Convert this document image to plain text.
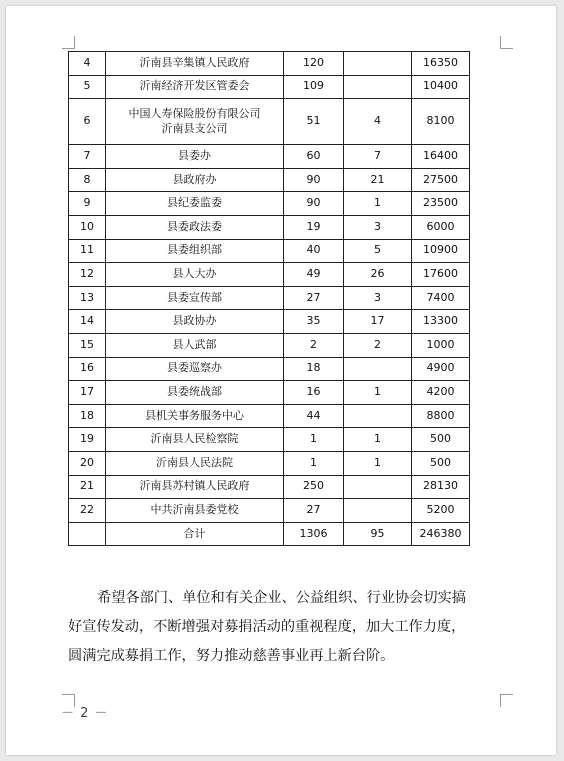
4	沂南县辛集镇人民政府	120		16350
5	沂南经济开发区管委会	109		10400
6	中国人寿保险股份有限公司
沂南县支公司	51	4	8100
7	县委办	60	7	16400
8	县政府办	90	21	27500
9	县纪委监委	90	1	23500
10	县委政法委	19	3	6000
11	县委组织部	40	5	10900
12	县人大办	49	26	17600
13	县委宣传部	27	3	7400
14	县政协办	35	17	13300
15	县人武部	2	2	1000
16	县委巡察办	18		4900
17	县委统战部	16	1	4200
18	县机关事务服务中心	44		8800
19	沂南县人民检察院	1	1	500
20	沂南县人民法院	1	1	500
21	沂南县苏村镇人民政府	250		28130
22	中共沂南县委党校	27		5200
	合计	1306	95	246380

希望各部门、单位和有关企业、公益组织、行业协会切实搞好宣传发动，不断增强对募捐活动的重视程度，加大工作力度，圆满完成募捐工作，努力推动慈善事业再上新台阶。

－ 2 －
